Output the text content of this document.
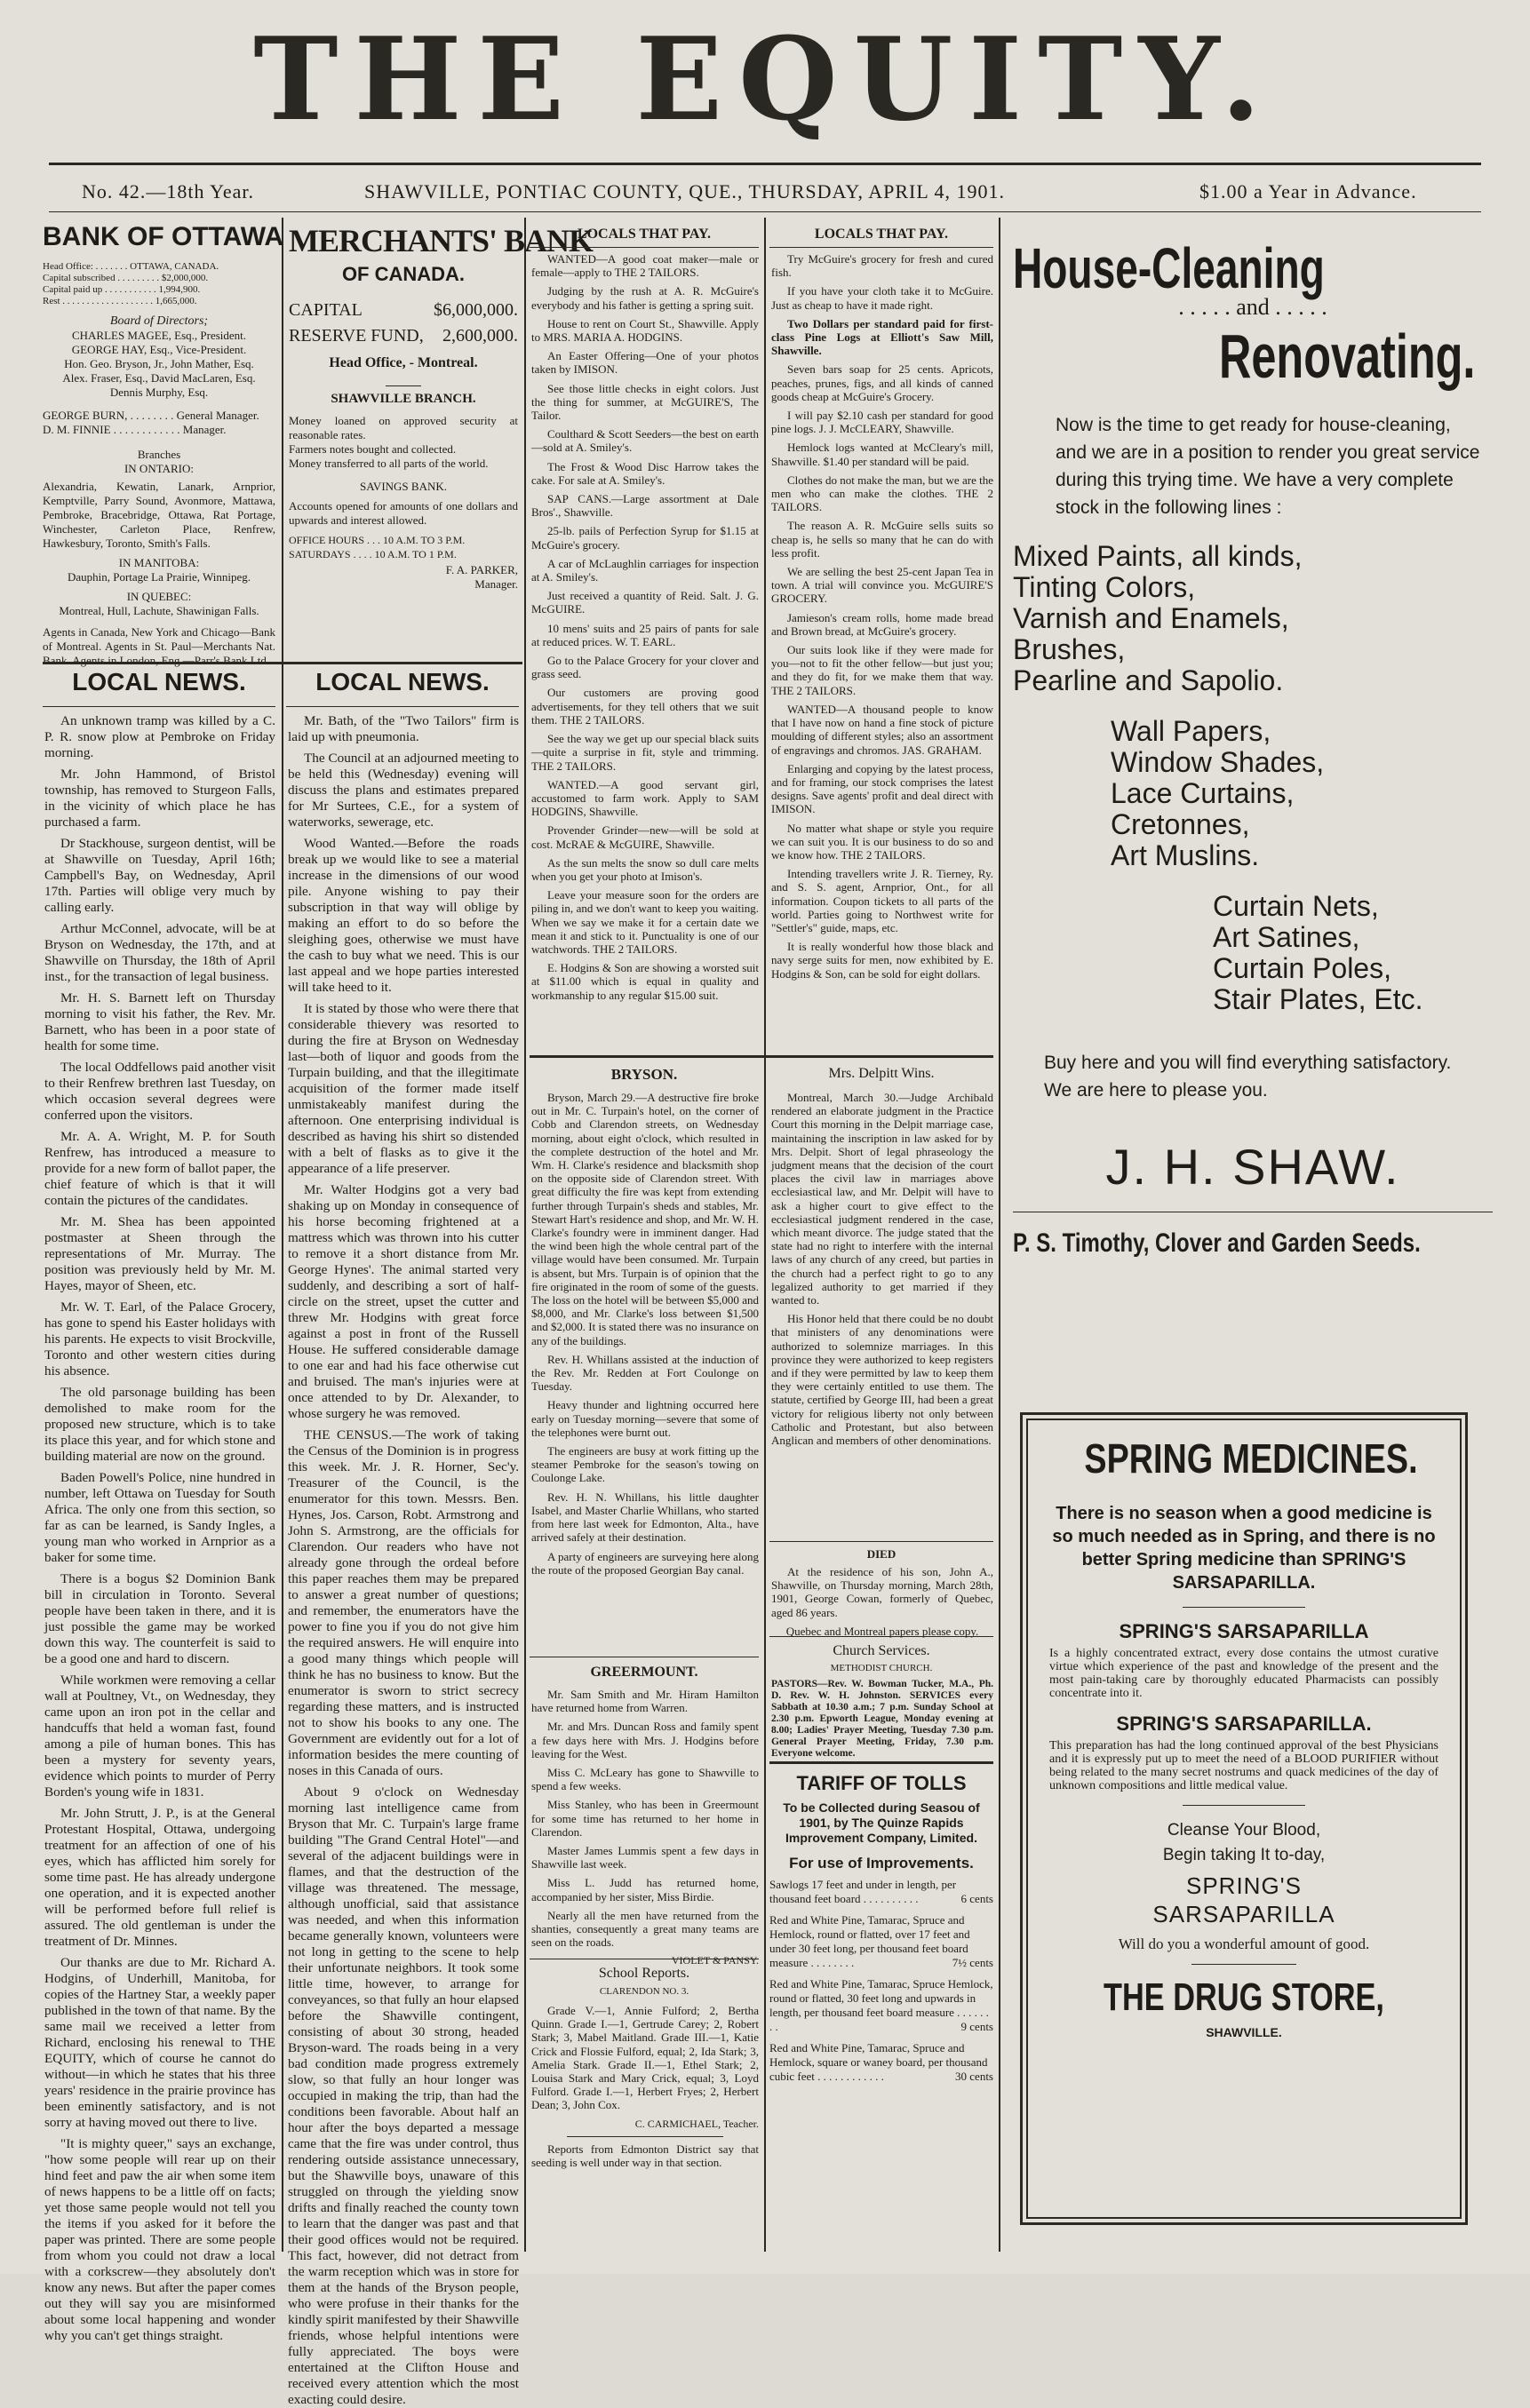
THE EQUITY.
No. 42.—18th Year.	SHAWVILLE, PONTIAC COUNTY, QUE., THURSDAY, APRIL 4, 1901.	$1.00 a Year in Advance.
BANK OF OTTAWA
Head Office: . . . . . . . OTTAWA, CANADA.
Capital subscribed . . . . . . . . . $2,000,000.
Capital paid up . . . . . . . . . . . 1,994,900.
Rest . . . . . . . . . . . . . . . . . . . 1,665,000.
Board of Directors;
CHARLES MAGEE, Esq., President.
GEORGE HAY, Esq., Vice-President.
Hon. Geo. Bryson, Jr., John Mather, Esq.
Alex. Fraser, Esq., David MacLaren, Esq.
Dennis Murphy, Esq.
GEORGE BURN, . . . . . . . . General Manager.
D. M. FINNIE . . . . . . . . . . . . Manager.
Branches
IN ONTARIO:
Alexandria, Kewatin, Lanark, Arnprior, Kemptville, Parry Sound, Avonmore, Mattawa, Pembroke, Bracebridge, Ottawa, Rat Portage, Winchester, Carleton Place, Renfrew, Hawkesbury, Toronto, Smith's Falls.
IN MANITOBA:
Dauphin, Portage La Prairie, Winnipeg.
IN QUEBEC:
Montreal, Hull, Lachute, Shawinigan Falls.
Agents in Canada, New York and Chicago—Bank of Montreal. Agents in St. Paul—Merchants Nat. Bank. Agents in London, Eng.—Parr's Bank Ltd.
MERCHANTS' BANK
OF CANADA.
CAPITAL	$6,000,000.
RESERVE FUND, 2,600,000.
Head Office, - Montreal.
SHAWVILLE BRANCH.
Money loaned on approved security at reasonable rates.
Farmers notes bought and collected.
Money transferred to all parts of the world.
SAVINGS BANK.
Accounts opened for amounts of one dollars and upwards and interest allowed.
OFFICE HOURS . . . 10 A.M. TO 3 P.M.
SATURDAYS . . . . 10 A.M. TO 1 P.M.
F. A. PARKER,
Manager.
LOCAL NEWS.

An unknown tramp was killed by a C. P. R. snow plow at Pembroke on Friday morning.

Mr. John Hammond, of Bristol township, has removed to Sturgeon Falls, in the vicinity of which place he has purchased a farm.

Dr Stackhouse, surgeon dentist, will be at Shawville on Tuesday, April 16th; Campbell's Bay, on Wednesday, April 17th. Parties will oblige very much by calling early.

Arthur McConnel, advocate, will be at Bryson on Wednesday, the 17th, and at Shawville on Thursday, the 18th of April inst., for the transaction of legal business.

Mr. H. S. Barnett left on Thursday morning to visit his father, the Rev. Mr. Barnett, who has been in a poor state of health for some time.

The local Oddfellows paid another visit to their Renfrew brethren last Tuesday, on which occasion several degrees were conferred upon the visitors.

Mr. A. A. Wright, M. P. for South Renfrew, has introduced a measure to provide for a new form of ballot paper, the chief feature of which is that it will contain the pictures of the candidates.

Mr. M. Shea has been appointed postmaster at Sheen through the representations of Mr. Murray. The position was previously held by Mr. M. Hayes, mayor of Sheen, etc.

Mr. W. T. Earl, of the Palace Grocery, has gone to spend his Easter holidays with his parents. He expects to visit Brockville, Toronto and other western cities during his absence.

The old parsonage building has been demolished to make room for the proposed new structure, which is to take its place this year, and for which stone and building material are now on the ground.

Baden Powell's Police, nine hundred in number, left Ottawa on Tuesday for South Africa. The only one from this section, so far as can be learned, is Sandy Ingles, a young man who worked in Arnprior as a baker for some time.

There is a bogus $2 Dominion Bank bill in circulation in Toronto. Several people have been taken in there, and it is just possible the game may be worked down this way. The counterfeit is said to be a good one and hard to discern.

While workmen were removing a cellar wall at Poultney, Vt., on Wednesday, they came upon an iron pot in the cellar and handcuffs that held a woman fast, found among a pile of human bones. This has been a mystery for seventy years, evidence which points to murder of Perry Borden's young wife in 1831.

Mr. John Strutt, J. P., is at the General Protestant Hospital, Ottawa, undergoing treatment for an affection of one of his eyes, which has afflicted him sorely for some time past. He has already undergone one operation, and it is expected another will be performed before full relief is assured. The old gentleman is under the treatment of Dr. Minnes.

Our thanks are due to Mr. Richard A. Hodgins, of Underhill, Manitoba, for copies of the Hartney Star, a weekly paper published in the town of that name. By the same mail we received a letter from Richard, enclosing his renewal to THE EQUITY, which of course he cannot do without—in which he states that his three years' residence in the prairie province has been eminently satisfactory, and is not sorry at having moved out there to live.

"It is mighty queer," says an exchange, "how some people will rear up on their hind feet and paw the air when some item of news happens to be a little off on facts; yet those same people would not tell you the items if you asked for it before the paper was printed. There are some people from whom you could not draw a local with a corkscrew—they absolutely don't know any news. But after the paper comes out they will say you are misinformed about some local happening and wonder why you can't get things straight.

LOCAL NEWS.

Mr. Bath, of the "Two Tailors" firm is laid up with pneumonia.

The Council at an adjourned meeting to be held this (Wednesday) evening will discuss the plans and estimates prepared for Mr Surtees, C.E., for a system of waterworks, sewerage, etc.

Wood Wanted.—Before the roads break up we would like to see a material increase in the dimensions of our wood pile. Anyone wishing to pay their subscription in that way will oblige by making an effort to do so before the sleighing goes, otherwise we must have the cash to buy what we need. This is our last appeal and we hope parties interested will take heed to it.

It is stated by those who were there that considerable thievery was resorted to during the fire at Bryson on Wednesday last—both of liquor and goods from the Turpain building, and that the illegitimate acquisition of the former made itself unmistakeably manifest during the afternoon. One enterprising individual is described as having his shirt so distended with a belt of flasks as to give it the appearance of a life preserver.

Mr. Walter Hodgins got a very bad shaking up on Monday in consequence of his horse becoming frightened at a mattress which was thrown into his cutter to remove it a short distance from Mr. George Hynes'. The animal started very suddenly, and describing a sort of half-circle on the street, upset the cutter and threw Mr. Hodgins with great force against a post in front of the Russell House. He suffered considerable damage to one ear and had his face otherwise cut and bruised. The man's injuries were at once attended to by Dr. Alexander, to whose surgery he was removed.

THE CENSUS.—The work of taking the Census of the Dominion is in progress this week. Mr. J. R. Horner, Sec'y. Treasurer of the Council, is the enumerator for this town. Messrs. Ben. Hynes, Jos. Carson, Robt. Armstrong and John S. Armstrong, are the officials for Clarendon. Our readers who have not already gone through the ordeal before this paper reaches them may be prepared to answer a great number of questions; and remember, the enumerators have the power to fine you if you do not give him the required answers. He will enquire into a good many things which people will think he has no business to know. But the enumerator is sworn to strict secrecy regarding these matters, and is instructed not to show his books to any one. The Government are evidently out for a lot of information besides the mere counting of noses in this Canada of ours.

About 9 o'clock on Wednesday morning last intelligence came from Bryson that Mr. C. Turpain's large frame building "The Grand Central Hotel"—and several of the adjacent buildings were in flames, and that the destruction of the village was threatened. The message, although unofficial, said that assistance was needed, and when this information became generally known, volunteers were not long in getting to the scene to help their unfortunate neighbors. It took some little time, however, to arrange for conveyances, so that fully an hour elapsed before the Shawville contingent, consisting of about 30 strong, headed Bryson-ward. The roads being in a very bad condition made progress extremely slow, so that fully an hour longer was occupied in making the trip, than had the conditions been favorable. About half an hour after the boys departed a message came that the fire was under control, thus rendering outside assistance unnecessary, but the Shawville boys, unaware of this struggled on through the yielding snow drifts and finally reached the county town to learn that the danger was past and that their good offices would not be required. This fact, however, did not detract from the warm reception which was in store for them at the hands of the Bryson people, who were profuse in their thanks for the kindly spirit manifested by their Shawville friends, whose helpful intentions were fully appreciated. The boys were entertained at the Clifton House and received every attention which the most exacting could desire.

LOCALS THAT PAY.

WANTED—A good coat maker—male or female—apply to THE 2 TAILORS.

Judging by the rush at A. R. McGuire's everybody and his father is getting a spring suit.

House to rent on Court St., Shawville. Apply to MRS. MARIA A. HODGINS.

An Easter Offering—One of your photos taken by IMISON.

See those little checks in eight colors. Just the thing for summer, at McGUIRE'S, The Tailor.

Coulthard & Scott Seeders—the best on earth—sold at A. Smiley's.

The Frost & Wood Disc Harrow takes the cake. For sale at A. Smiley's.

SAP CANS.—Large assortment at Dale Bros'., Shawville.

25-lb. pails of Perfection Syrup for $1.15 at McGuire's grocery.

A car of McLaughlin carriages for inspection at A. Smiley's.

Just received a quantity of Reid. Salt. J. G. McGUIRE.

10 mens' suits and 25 pairs of pants for sale at reduced prices. W. T. EARL.

Go to the Palace Grocery for your clover and grass seed.

Our customers are proving good advertisements, for they tell others that we suit them. THE 2 TAILORS.

See the way we get up our special black suits—quite a surprise in fit, style and trimming. THE 2 TAILORS.

WANTED.—A good servant girl, accustomed to farm work. Apply to SAM HODGINS, Shawville.

Provender Grinder—new—will be sold at cost. McRAE & McGUIRE, Shawville.

As the sun melts the snow so dull care melts when you get your photo at Imison's.

Leave your measure soon for the orders are piling in, and we don't want to keep you waiting. When we say we make it for a certain date we mean it and stick to it. Punctuality is one of our watchwords. THE 2 TAILORS.

E. Hodgins & Son are showing a worsted suit at $11.00 which is equal in quality and workmanship to any regular $15.00 suit.

LOCALS THAT PAY.

Try McGuire's grocery for fresh and cured fish.

If you have your cloth take it to McGuire. Just as cheap to have it made right.

Two Dollars per standard paid for first-class Pine Logs at Elliott's Saw Mill, Shawville.

Seven bars soap for 25 cents. Apricots, peaches, prunes, figs, and all kinds of canned goods cheap at McGuire's Grocery.

I will pay $2.10 cash per standard for good pine logs. J. J. McCLEARY, Shawville.

Hemlock logs wanted at McCleary's mill, Shawville. $1.40 per standard will be paid.

Clothes do not make the man, but we are the men who can make the clothes. THE 2 TAILORS.

The reason A. R. McGuire sells suits so cheap is, he sells so many that he can do with less profit.

We are selling the best 25-cent Japan Tea in town. A trial will convince you. McGUIRE'S GROCERY.

Jamieson's cream rolls, home made bread and Brown bread, at McGuire's grocery.

Our suits look like if they were made for you—not to fit the other fellow—but just you; and they do fit, for we make them that way. THE 2 TAILORS.

WANTED—A thousand people to know that I have now on hand a fine stock of picture moulding of different styles; also an assortment of engravings and chromos. JAS. GRAHAM.

Enlarging and copying by the latest process, and for framing, our stock comprises the latest designs. Save agents' profit and deal direct with IMISON.

No matter what shape or style you require we can suit you. It is our business to do so and we know how. THE 2 TAILORS.

Intending travellers write J. R. Tierney, Ry. and S. S. agent, Arnprior, Ont., for all information. Coupon tickets to all parts of the world. Parties going to Northwest write for "Settler's" guide, maps, etc.

It is really wonderful how those black and navy serge suits for men, now exhibited by E. Hodgins & Son, can be sold for eight dollars.

BRYSON.

Bryson, March 29.—A destructive fire broke out in Mr. C. Turpain's hotel, on the corner of Cobb and Clarendon streets, on Wednesday morning, about eight o'clock, which resulted in the complete destruction of the hotel and Mr. Wm. H. Clarke's residence and blacksmith shop on the opposite side of Clarendon street. With great difficulty the fire was kept from extending further through Turpain's sheds and stables, Mr. Stewart Hart's residence and shop, and Mr. W. H. Clarke's foundry were in imminent danger. Had the wind been high the whole central part of the village would have been consumed. Mr. Turpain is absent, but Mrs. Turpain is of opinion that the fire originated in the room of some of the guests. The loss on the hotel will be between $5,000 and $8,000, and Mr. Clarke's loss between $1,500 and $2,000. It is stated there was no insurance on any of the buildings.

Rev. H. Whillans assisted at the induction of the Rev. Mr. Redden at Fort Coulonge on Tuesday.

Heavy thunder and lightning occurred here early on Tuesday morning—severe that some of the telephones were burnt out.

The engineers are busy at work fitting up the steamer Pembroke for the season's towing on Coulonge Lake.

Rev. H. N. Whillans, his little daughter Isabel, and Master Charlie Whillans, who started from here last week for Edmonton, Alta., have arrived safely at their destination.

A party of engineers are surveying here along the route of the proposed Georgian Bay canal.

GREERMOUNT.

Mr. Sam Smith and Mr. Hiram Hamilton have returned home from Warren.

Mr. and Mrs. Duncan Ross and family spent a few days here with Mrs. J. Hodgins before leaving for the West.

Miss C. McLeary has gone to Shawville to spend a few weeks.

Miss Stanley, who has been in Greermount for some time has returned to her home in Clarendon.

Master James Lummis spent a few days in Shawville last week.

Miss L. Judd has returned home, accompanied by her sister, Miss Birdie.

Nearly all the men have returned from the shanties, consequently a great many teams are seen on the roads.

VIOLET & PANSY.
School Reports.
CLARENDON NO. 3.

Grade V.—1, Annie Fulford; 2, Bertha Quinn. Grade I.—1, Gertrude Carey; 2, Robert Stark; 3, Mabel Maitland. Grade III.—1, Katie Crick and Flossie Fulford, equal; 2, Ida Stark; 3, Amelia Stark. Grade II.—1, Ethel Stark; 2, Louisa Stark and Mary Crick, equal; 3, Loyd Fulford. Grade I.—1, Herbert Fryes; 2, Herbert Dean; 3, John Cox.

C. CARMICHAEL, Teacher.

Reports from Edmonton District say that seeding is well under way in that section.

Mrs. Delpitt Wins.

Montreal, March 30.—Judge Archibald rendered an elaborate judgment in the Practice Court this morning in the Delpit marriage case, maintaining the inscription in law asked for by Mrs. Delpit. Short of legal phraseology the judgment means that the decision of the court places the civil law in marriages above ecclesiastical law, and Mr. Delpit will have to ask a higher court to give effect to the ecclesiastical judgment rendered in the case, which meant divorce. The judge stated that the state had no right to interfere with the internal laws of any church of any creed, but parties in the church had a perfect right to go to any legalized authority to get married if they wanted to.

His Honor held that there could be no doubt that ministers of any denominations were authorized to solemnize marriages. In this province they were authorized to keep registers and if they were permitted by law to keep them they were certainly entitled to use them. The statute, certified by George III, had been a great victory for religious liberty not only between Catholic and Protestant, but also between Anglican and members of other denominations.

DIED

At the residence of his son, John A., Shawville, on Thursday morning, March 28th, 1901, George Cowan, formerly of Quebec, aged 86 years.

Quebec and Montreal papers please copy.
Church Services.
METHODIST CHURCH.
PASTORS—Rev. W. Bowman Tucker, M.A., Ph. D. Rev. W. H. Johnston. SERVICES every Sabbath at 10.30 a.m.; 7 p.m. Sunday School at 2.30 p.m. Epworth League, Monday evening at 8.00; Ladies' Prayer Meeting, Tuesday 7.30 p.m. General Prayer Meeting, Friday, 7.30 p.m. Everyone welcome.
TARIFF OF TOLLS
To be Collected during Seasou of 1901, by The Quinze Rapids Improvement Company, Limited.
For use of Improvements.
Sawlogs 17 feet and under in length, per thousand feet board . . . . . . . . . .	6 cents
Red and White Pine, Tamarac, Spruce and Hemlock, round or flatted, over 17 feet and under 30 feet long, per thousand feet board measure . . . . . . . .	7½ cents
Red and White Pine, Tamarac, Spruce Hemlock, round or flatted, 30 feet long and upwards in length, per thousand feet board measure . . . . . . . .	9 cents
Red and White Pine, Tamarac, Spruce and Hemlock, square or waney board, per thousand cubic feet . . . . . . . . . . . .	30 cents
House-Cleaning
. . . . . and . . . . .
Renovating.
Now is the time to get ready for house-cleaning, and we are in a position to render you great service during this trying time. We have a very complete stock in the following lines :
Mixed Paints, all kinds,
Tinting Colors,
Varnish and Enamels,
Brushes,
Pearline and Sapolio.
Wall Papers,
Window Shades,
Lace Curtains,
Cretonnes,
Art Muslins.
Curtain Nets,
Art Satines,
Curtain Poles,
Stair Plates, Etc.
Buy here and you will find everything satisfactory. We are here to please you.
J. H. SHAW.
P. S. Timothy, Clover and Garden Seeds.
SPRING MEDICINES.
There is no season when a good medicine is so much needed as in Spring, and there is no better Spring medicine than SPRING'S SARSAPARILLA.
SPRING'S SARSAPARILLA
Is a highly concentrated extract, every dose contains the utmost curative virtue which experience of the past and knowledge of the present and the most pain-taking care by thoroughly educated Pharmacists can possibly concentrate into it.
SPRING'S SARSAPARILLA.
This preparation has had the long continued approval of the best Physicians and it is expressly put up to meet the need of a BLOOD PURIFIER without being related to the many secret nostrums and quack medicines of the day of unknown compositions and little medical value.
Cleanse Your Blood,
Begin taking It to-day,
SPRING'S
SARSAPARILLA
Will do you a wonderful amount of good.
THE DRUG STORE,
SHAWVILLE.
